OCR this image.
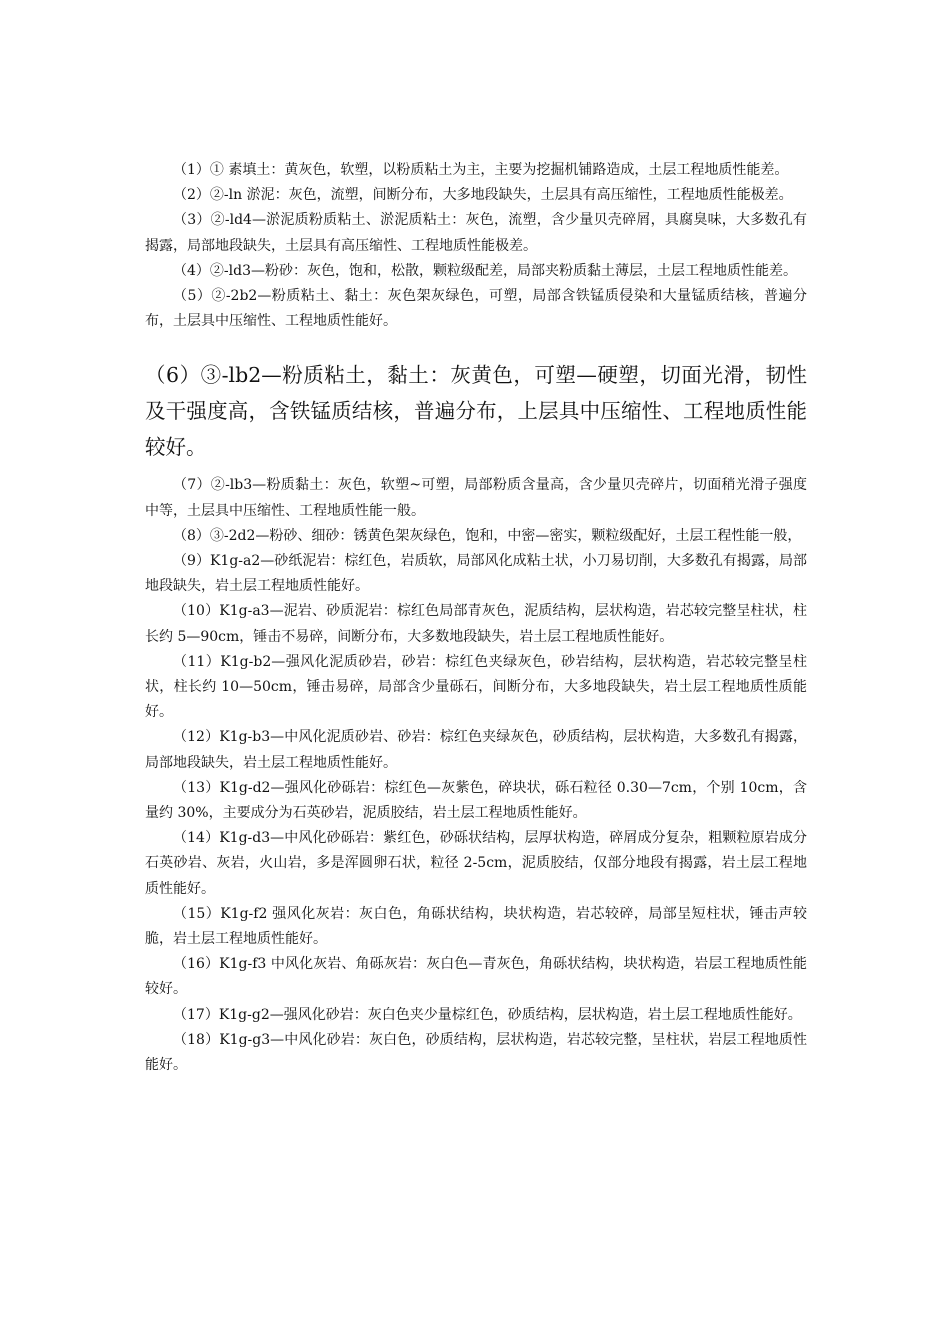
（1）① 素填土：黄灰色，软塑，以粉质粘土为主，主要为挖掘机铺路造成，土层工程地质性能差。

（2）②-ln 淤泥：灰色，流塑，间断分布，大多地段缺失，土层具有高压缩性，工程地质性能极差。

（3）②-ld4—淤泥质粉质粘土、淤泥质粘土：灰色，流塑，含少量贝壳碎屑，具腐臭味，大多数孔有揭露，局部地段缺失，土层具有高压缩性、工程地质性能极差。

（4）②-ld3—粉砂：灰色，饱和，松散，颗粒级配差，局部夹粉质黏土薄层，土层工程地质性能差。

（5）②-2b2—粉质粘土、黏土：灰色架灰绿色，可塑，局部含铁锰质侵染和大量锰质结核，普遍分布，土层具中压缩性、工程地质性能好。

（6）③-lb2—粉质粘土，黏土：灰黄色，可塑—硬塑，切面光滑，韧性及干强度高，含铁锰质结核，普遍分布，上层具中压缩性、工程地质性能较好。

（7）②-lb3—粉质黏土：灰色，软塑~可塑，局部粉质含量高，含少量贝壳碎片，切面稍光滑子强度中等，土层具中压缩性、工程地质性能一般。

（8）③-2d2—粉砂、细砂：锈黄色架灰绿色，饱和，中密—密实，颗粒级配好，土层工程性能一般，

（9）K1g-a2—砂纸泥岩：棕红色，岩质软，局部风化成粘土状，小刀易切削，大多数孔有揭露，局部地段缺失，岩土层工程地质性能好。

（10）K1g-a3—泥岩、砂质泥岩：棕红色局部青灰色，泥质结构，层状构造，岩芯较完整呈柱状，柱长约 5—90cm，锤击不易碎，间断分布，大多数地段缺失，岩土层工程地质性能好。

（11）K1g-b2—强风化泥质砂岩，砂岩：棕红色夹绿灰色，砂岩结构，层状构造，岩芯较完整呈柱状，柱长约 10—50cm，锤击易碎，局部含少量砾石，间断分布，大多地段缺失，岩土层工程地质性质能好。

（12）K1g-b3—中风化泥质砂岩、砂岩：棕红色夹绿灰色，砂质结构，层状构造，大多数孔有揭露，局部地段缺失，岩土层工程地质性能好。

（13）K1g-d2—强风化砂砾岩：棕红色—灰紫色，碎块状，砾石粒径 0.30—7cm，个别 10cm，含量约 30%，主要成分为石英砂岩，泥质胶结，岩土层工程地质性能好。

（14）K1g-d3—中风化砂砾岩：紫红色，砂砾状结构，层厚状构造，碎屑成分复杂，粗颗粒原岩成分石英砂岩、灰岩，火山岩，多是浑圆卵石状，粒径 2-5cm，泥质胶结，仅部分地段有揭露，岩土层工程地质性能好。

（15）K1g-f2 强风化灰岩：灰白色，角砾状结构，块状构造，岩芯较碎，局部呈短柱状，锤击声较脆，岩土层工程地质性能好。

（16）K1g-f3 中风化灰岩、角砾灰岩：灰白色—青灰色，角砾状结构，块状构造，岩层工程地质性能较好。

（17）K1g-g2—强风化砂岩：灰白色夹少量棕红色，砂质结构，层状构造，岩土层工程地质性能好。

（18）K1g-g3—中风化砂岩：灰白色，砂质结构，层状构造，岩芯较完整，呈柱状，岩层工程地质性能好。
